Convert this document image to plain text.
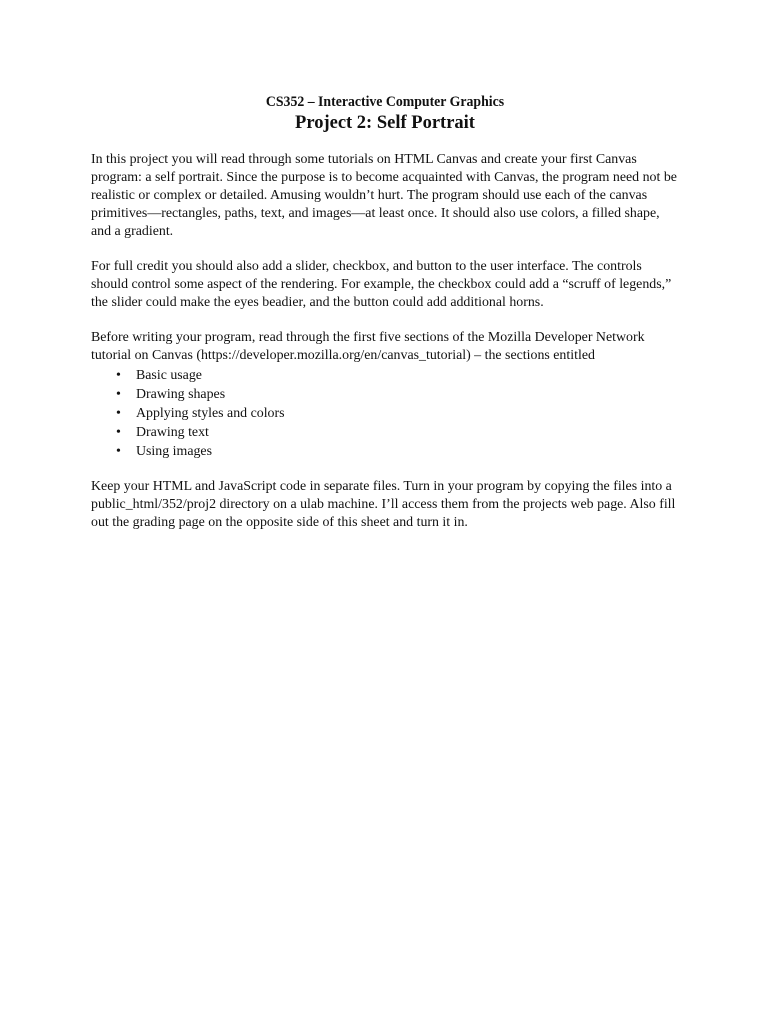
CS352 – Interactive Computer Graphics
Project 2: Self Portrait

In this project you will read through some tutorials on HTML Canvas and create your first Canvas program: a self portrait. Since the purpose is to become acquainted with Canvas, the program need not be realistic or complex or detailed. Amusing wouldn’t hurt. The program should use each of the canvas primitives—rectangles, paths, text, and images—at least once. It should also use colors, a filled shape, and a gradient.

For full credit you should also add a slider, checkbox, and button to the user interface. The controls should control some aspect of the rendering. For example, the checkbox could add a “scruff of legends,” the slider could make the eyes beadier, and the button could add additional horns.

Before writing your program, read through the first five sections of the Mozilla Developer Network tutorial on Canvas (https://developer.mozilla.org/en/canvas_tutorial) – the sections entitled

• Basic usage
• Drawing shapes
• Applying styles and colors
• Drawing text
• Using images

Keep your HTML and JavaScript code in separate files. Turn in your program by copying the files into a public_html/352/proj2 directory on a ulab machine. I’ll access them from the projects web page. Also fill out the grading page on the opposite side of this sheet and turn it in.
